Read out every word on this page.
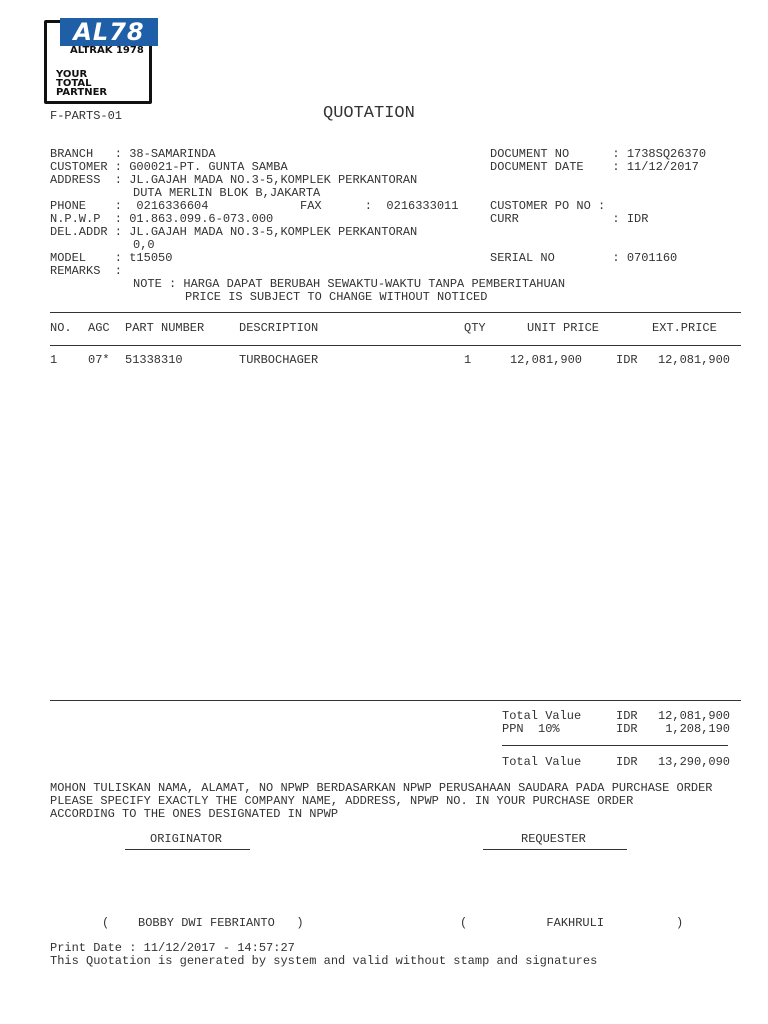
AL78
ALTRAK 1978
YOUR
TOTAL
PARTNER
F-PARTS-01	QUOTATION
BRANCH   : 38-SAMARINDA
CUSTOMER : G00021-PT. GUNTA SAMBA
ADDRESS  : JL.GAJAH MADA NO.3-5,KOMPLEK PERKANTORAN
DUTA MERLIN BLOK B,JAKARTA
PHONE    :  0216336604	FAX      :  0216333011
N.P.W.P  : 01.863.099.6-073.000
DEL.ADDR : JL.GAJAH MADA NO.3-5,KOMPLEK PERKANTORAN
0,0
MODEL    : t15050
REMARKS  :
NOTE : HARGA DAPAT BERUBAH SEWAKTU-WAKTU TANPA PEMBERITAHUAN
PRICE IS SUBJECT TO CHANGE WITHOUT NOTICED
DOCUMENT NO      : 1738SQ26370
DOCUMENT DATE    : 11/12/2017
CUSTOMER PO NO :
CURR             : IDR
SERIAL NO        : 0701160
NO. AGC PART NUMBER	DESCRIPTION	QTY	UNIT PRICE	EXT.PRICE
1	07* 51338310	TURBOCHAGER	1	12,081,900	IDR	12,081,900
Total Value	IDR	12,081,900
PPN  10%	IDR	1,208,190
Total Value	IDR	13,290,090
MOHON TULISKAN NAMA, ALAMAT, NO NPWP BERDASARKAN NPWP PERUSAHAAN SAUDARA PADA PURCHASE ORDER
PLEASE SPECIFY EXACTLY THE COMPANY NAME, ADDRESS, NPWP NO. IN YOUR PURCHASE ORDER
ACCORDING TO THE ONES DESIGNATED IN NPWP
ORIGINATOR	REQUESTER
(    BOBBY DWI FEBRIANTO   )	(           FAKHRULI          )
Print Date : 11/12/2017 - 14:57:27
This Quotation is generated by system and valid without stamp and signatures
